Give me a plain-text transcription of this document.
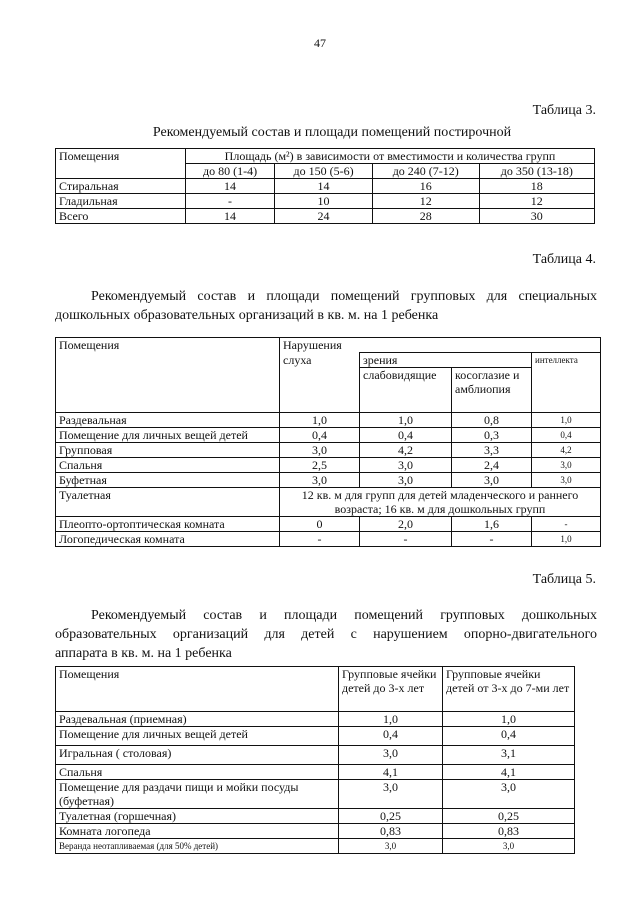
47
Таблица 3.
Рекомендуемый состав и площади помещений постирочной
Помещения	Площадь (м²) в зависимости от вместимости и количества групп			
	до 80 (1-4)	до 150 (5-6)	до 240 (7-12)	до 350 (13-18)
Стиральная	14	14	16	18
Гладильная	-	10	12	12
Всего	14	24	28	30
Таблица 4.
Рекомендуемый состав и площади помещений групповых для специальных
дошкольных образовательных организаций в кв. м. на 1 ребенка
Помещения	Нарушения			
	слуха	зрения		интеллекта
		слабовидящие	косоглазие и амблиопия	
Раздевальная	1,0	1,0	0,8	1,0
Помещение для личных вещей детей	0,4	0,4	0,3	0,4
Групповая	3,0	4,2	3,3	4,2
Спальня	2,5	3,0	2,4	3,0
Буфетная	3,0	3,0	3,0	3,0
Туалетная	12 кв. м для групп для детей младенческого и раннего возраста; 16 кв. м для дошкольных групп			
Плеопто-ортоптическая комната	0	2,0	1,6	-
Логопедическая комната	-	-	-	1,0
Таблица 5.
Рекомендуемый состав и площади помещений групповых дошкольных
образовательных организаций для детей с нарушением опорно-двигательного
аппарата в кв. м. на 1 ребенка
Помещения	Групповые ячейки детей до 3-х лет	Групповые ячейки детей от 3-х до 7-ми лет
Раздевальная (приемная)	1,0	1,0
Помещение для личных вещей детей	0,4	0,4
Игральная ( столовая)	3,0	3,1
Спальня	4,1	4,1
Помещение для раздачи пищи и мойки посуды (буфетная)	3,0	3,0
Туалетная (горшечная)	0,25	0,25
Комната логопеда	0,83	0,83
Веранда неотапливаемая (для 50% детей)	3,0	3,0
